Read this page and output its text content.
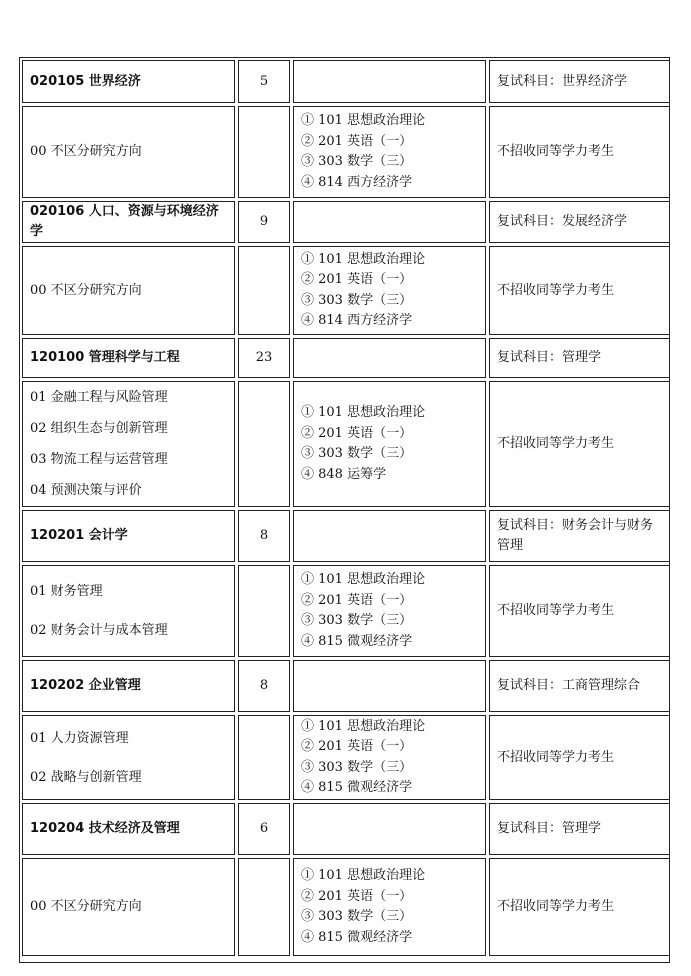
020105 世界经济	5		复试科目：世界经济学

00 不区分研究方向		① 101 思想政治理论
② 201 英语（一）
③ 303 数学（三）
④ 814 西方经济学	不招收同等学力考生
020106 人口、资源与环境经济学	9		复试科目：发展经济学

00 不区分研究方向		① 101 思想政治理论
② 201 英语（一）
③ 303 数学（三）
④ 814 西方经济学	不招收同等学力考生
120100 管理科学与工程	23		复试科目：管理学

01 金融工程与风险管理
02 组织生态与创新管理
03 物流工程与运营管理
04 预测决策与评价		① 101 思想政治理论
② 201 英语（一）
③ 303 数学（三）
④ 848 运筹学	不招收同等学力考生
120201 会计学	8		复试科目：财务会计与财务管理

01 财务管理
02 财务会计与成本管理		① 101 思想政治理论
② 201 英语（一）
③ 303 数学（三）
④ 815 微观经济学	不招收同等学力考生
120202 企业管理	8		复试科目：工商管理综合

01 人力资源管理
02 战略与创新管理		① 101 思想政治理论
② 201 英语（一）
③ 303 数学（三）
④ 815 微观经济学	不招收同等学力考生
120204 技术经济及管理	6		复试科目：管理学

00 不区分研究方向		① 101 思想政治理论
② 201 英语（一）
③ 303 数学（三）
④ 815 微观经济学	不招收同等学力考生
